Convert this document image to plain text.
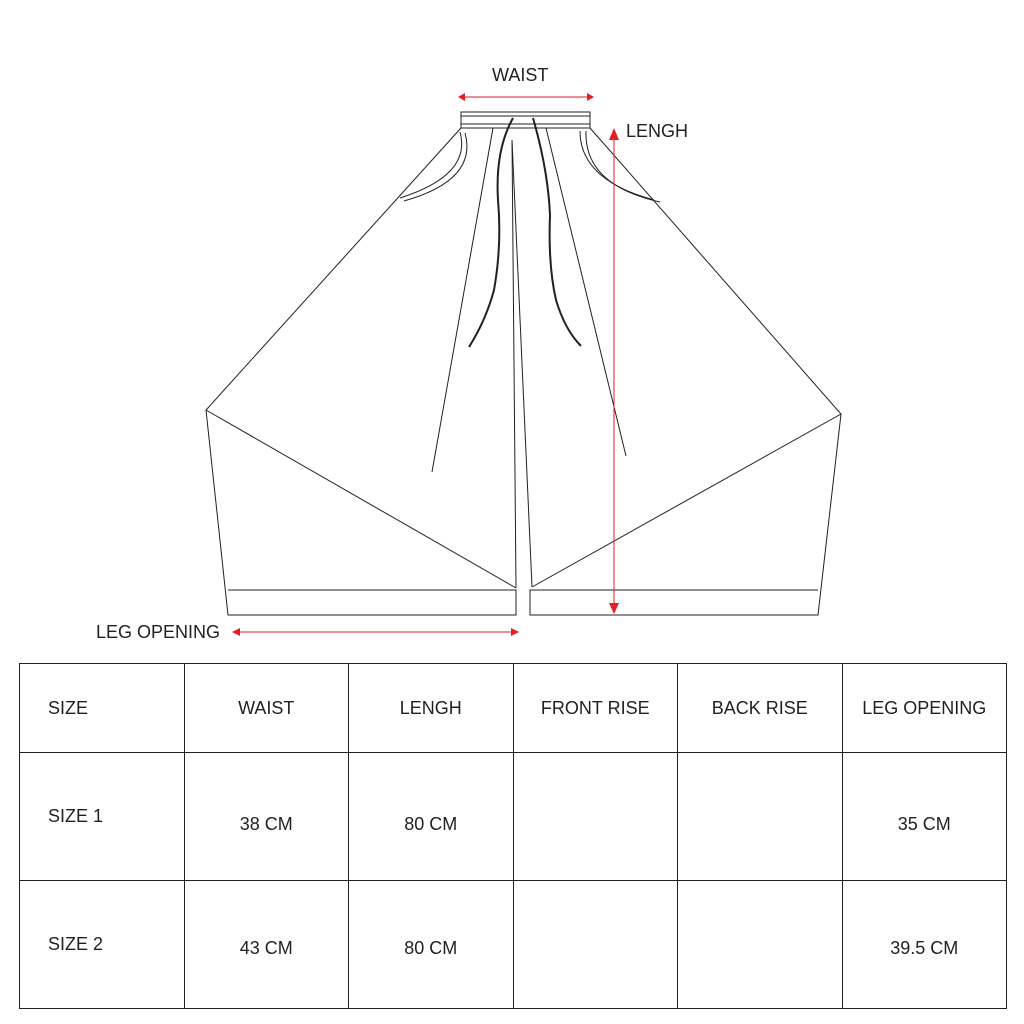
WAIST
LENGH
LEG OPENING
SIZE	WAIST	LENGH	FRONT RISE	BACK RISE	LEG OPENING
SIZE 1	38 CM	80 CM			35 CM
SIZE 2	43 CM	80 CM			39.5 CM
